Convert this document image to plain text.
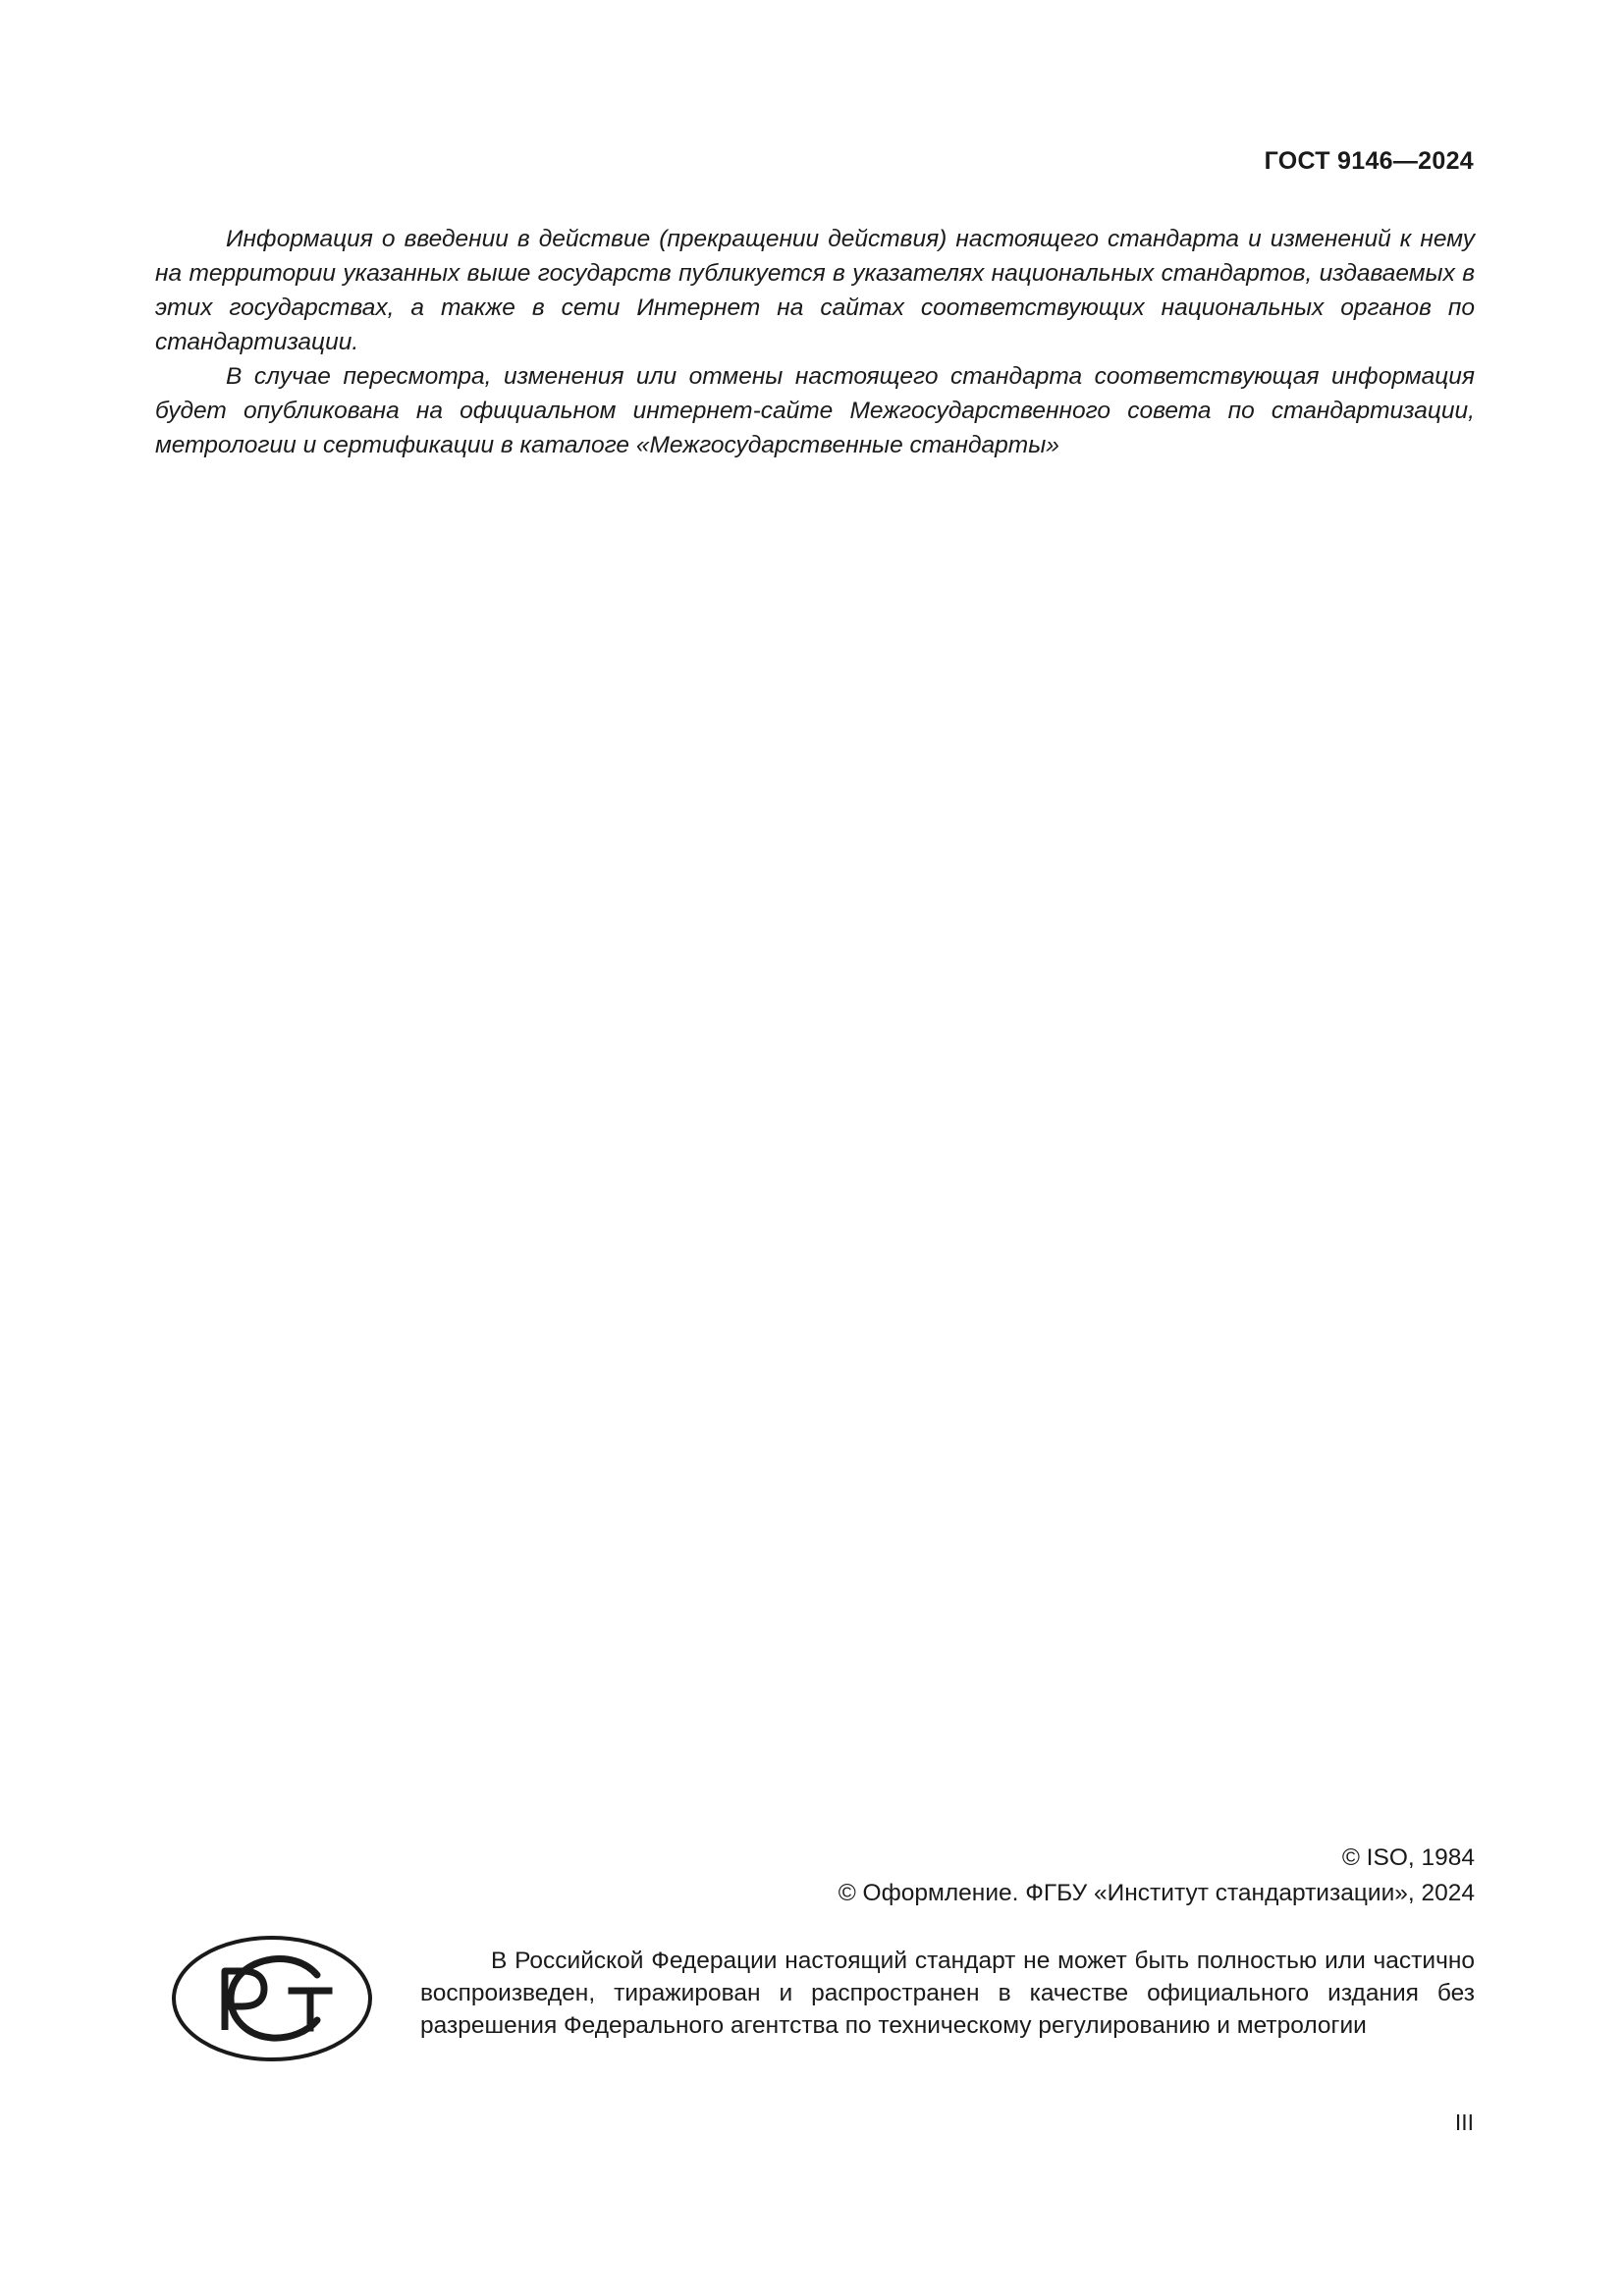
ГОСТ 9146—2024

Информация о введении в действие (прекращении действия) настоящего стандарта и изменений к нему на территории указанных выше государств публикуется в указателях национальных стандартов, издаваемых в этих государствах, а также в сети Интернет на сайтах соответствующих национальных органов по стандартизации.

В случае пересмотра, изменения или отмены настоящего стандарта соответствующая информация будет опубликована на официальном интернет-сайте Межгосударственного совета по стандартизации, метрологии и сертификации в каталоге «Межгосударственные стандарты»

© ISO, 1984
© Оформление. ФГБУ «Институт стандартизации», 2024

В Российской Федерации настоящий стандарт не может быть полностью или частично воспроизведен, тиражирован и распространен в качестве официального издания без разрешения Федерального агентства по техническому регулированию и метрологии

III
